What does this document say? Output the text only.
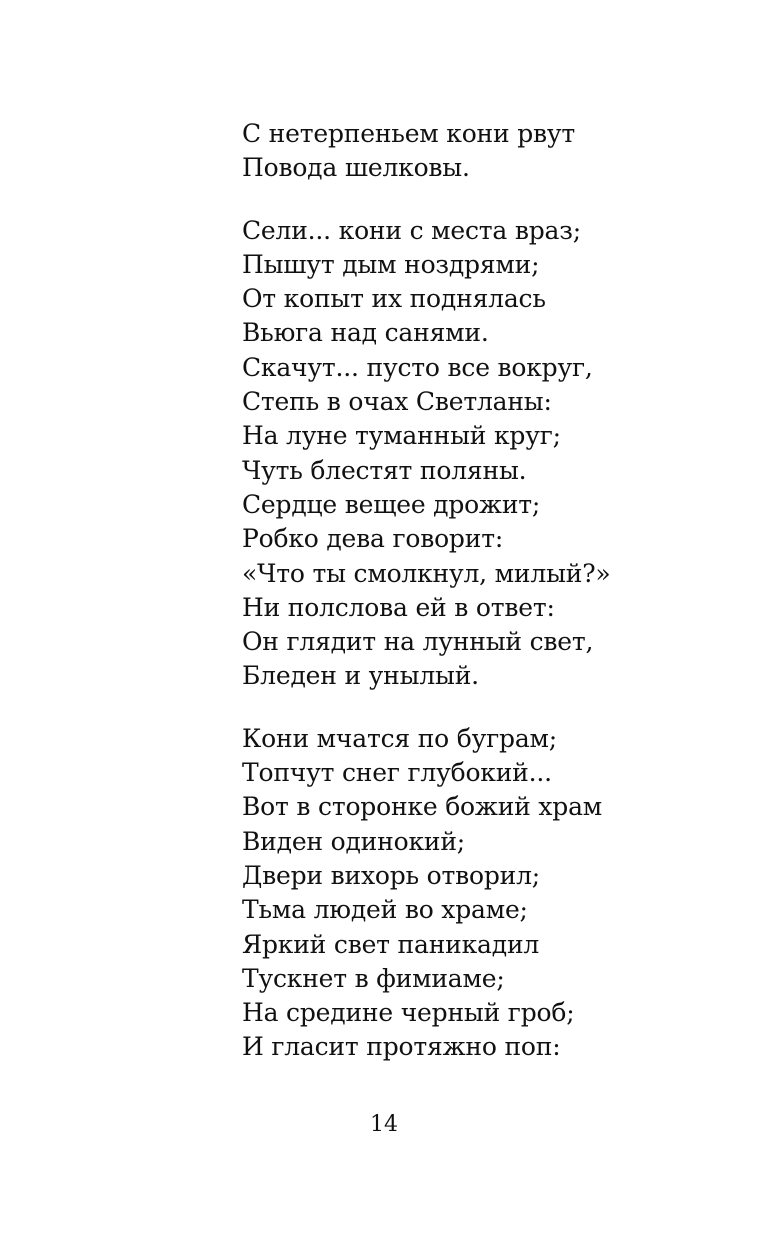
С нетерпеньем кони рвут
Повода шелковы.
Сели... кони с места враз;
Пышут дым ноздрями;
От копыт их поднялась
Вьюга над санями.
Скачут... пусто все вокруг,
Степь в очах Светланы:
На луне туманный круг;
Чуть блестят поляны.
Сердце вещее дрожит;
Робко дева говорит:
«Что ты смолкнул, милый?»
Ни полслова ей в ответ:
Он глядит на лунный свет,
Бледен и унылый.
Кони мчатся по буграм;
Топчут снег глубокий...
Вот в сторонке божий храм
Виден одинокий;
Двери вихорь отворил;
Тьма людей во храме;
Яркий свет паникадил
Тускнет в фимиаме;
На средине черный гроб;
И гласит протяжно поп:
14
